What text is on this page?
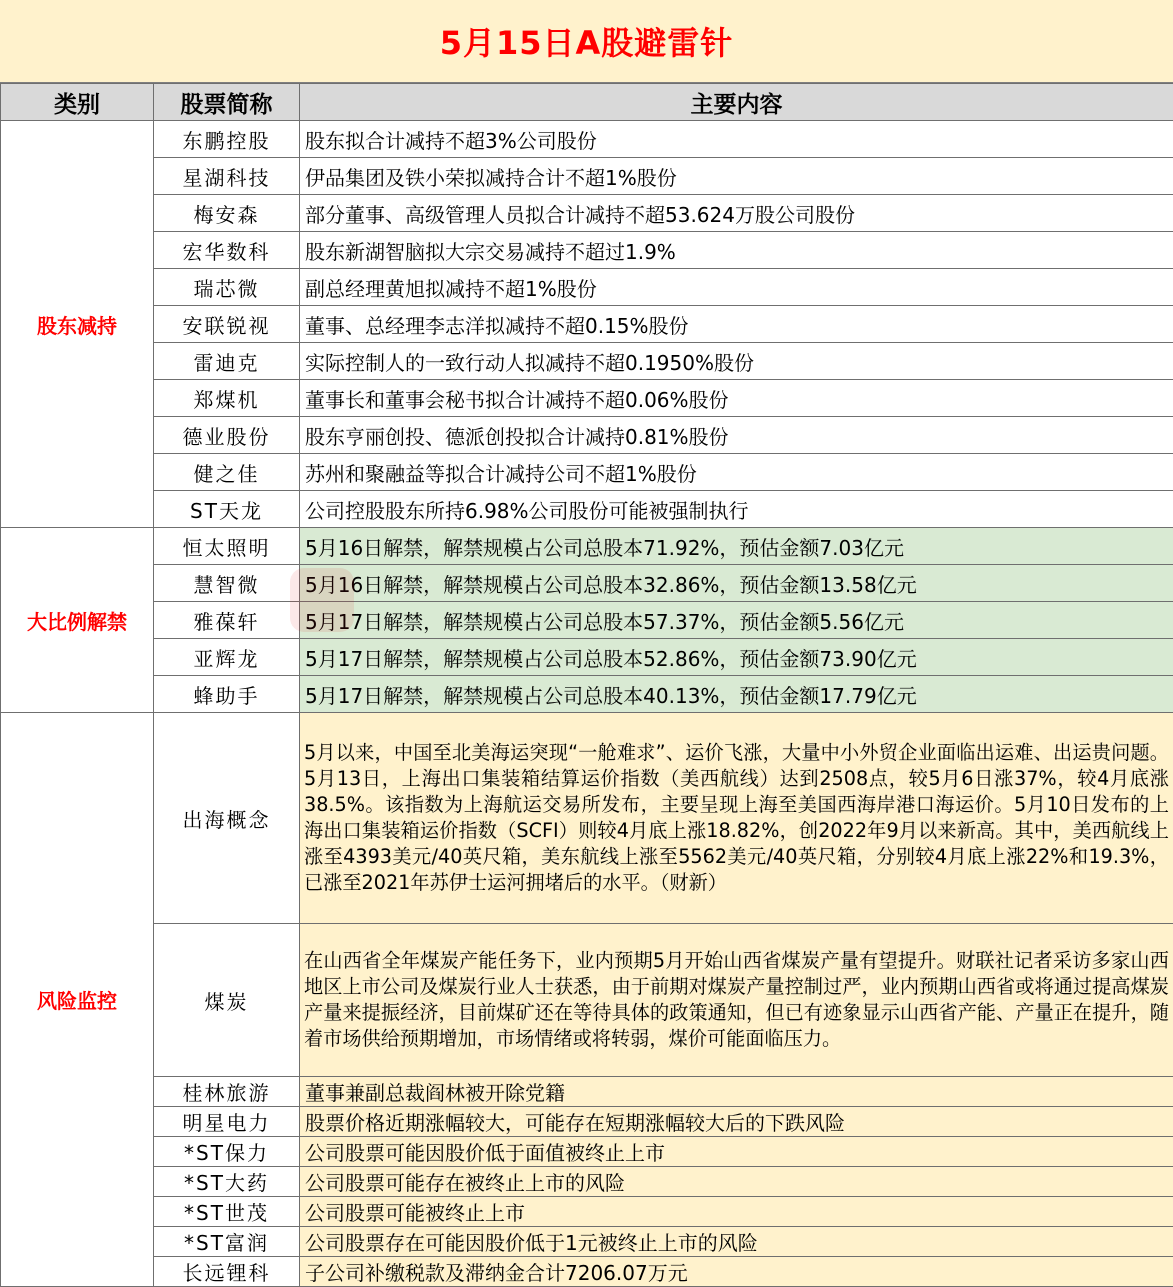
5月15日A股避雷针
类别	股票简称	主要内容
股东减持	东鹏控股	股东拟合计减持不超3%公司股份
	星湖科技	伊品集团及铁小荣拟减持合计不超1%股份
	梅安森	部分董事、高级管理人员拟合计减持不超53.624万股公司股份
	宏华数科	股东新湖智脑拟大宗交易减持不超过1.9%
	瑞芯微	副总经理黄旭拟减持不超1%股份
	安联锐视	董事、总经理李志洋拟减持不超0.15%股份
	雷迪克	实际控制人的一致行动人拟减持不超0.1950%股份
	郑煤机	董事长和董事会秘书拟合计减持不超0.06%股份
	德业股份	股东亨丽创投、德派创投拟合计减持0.81%股份
	健之佳	苏州和聚融益等拟合计减持公司不超1%股份
	ST天龙	公司控股股东所持6.98%公司股份可能被强制执行
大比例解禁	恒太照明	5月16日解禁，解禁规模占公司总股本71.92%，预估金额7.03亿元
	慧智微	5月16日解禁，解禁规模占公司总股本32.86%，预估金额13.58亿元
	雅葆轩	5月17日解禁，解禁规模占公司总股本57.37%，预估金额5.56亿元
	亚辉龙	5月17日解禁，解禁规模占公司总股本52.86%，预估金额73.90亿元
	蜂助手	5月17日解禁，解禁规模占公司总股本40.13%，预估金额17.79亿元
风险监控	出海概念	5月以来，中国至北美海运突现“一舱难求”、运价飞涨，大量中小外贸企业面临出运难、出运贵问题。5月13日，上海出口集装箱结算运价指数（美西航线）达到2508点，较5月6日涨37%，较4月底涨38.5%。该指数为上海航运交易所发布，主要呈现上海至美国西海岸港口海运价。5月10日发布的上海出口集装箱运价指数（SCFI）则较4月底上涨18.82%，创2022年9月以来新高。其中，美西航线上涨至4393美元/40英尺箱，美东航线上涨至5562美元/40英尺箱，分别较4月底上涨22%和19.3%，已涨至2021年苏伊士运河拥堵后的水平。（财新）
	煤炭	在山西省全年煤炭产能任务下，业内预期5月开始山西省煤炭产量有望提升。财联社记者采访多家山西地区上市公司及煤炭行业人士获悉，由于前期对煤炭产量控制过严，业内预期山西省或将通过提高煤炭产量来提振经济，目前煤矿还在等待具体的政策通知，但已有迹象显示山西省产能、产量正在提升，随着市场供给预期增加，市场情绪或将转弱，煤价可能面临压力。
	桂林旅游	董事兼副总裁阎林被开除党籍
	明星电力	股票价格近期涨幅较大，可能存在短期涨幅较大后的下跌风险
	*ST保力	公司股票可能因股价低于面值被终止上市
	*ST大药	公司股票可能存在被终止上市的风险
	*ST世茂	公司股票可能被终止上市
	*ST富润	公司股票存在可能因股价低于1元被终止上市的风险
	长远锂科	子公司补缴税款及滞纳金合计7206.07万元
